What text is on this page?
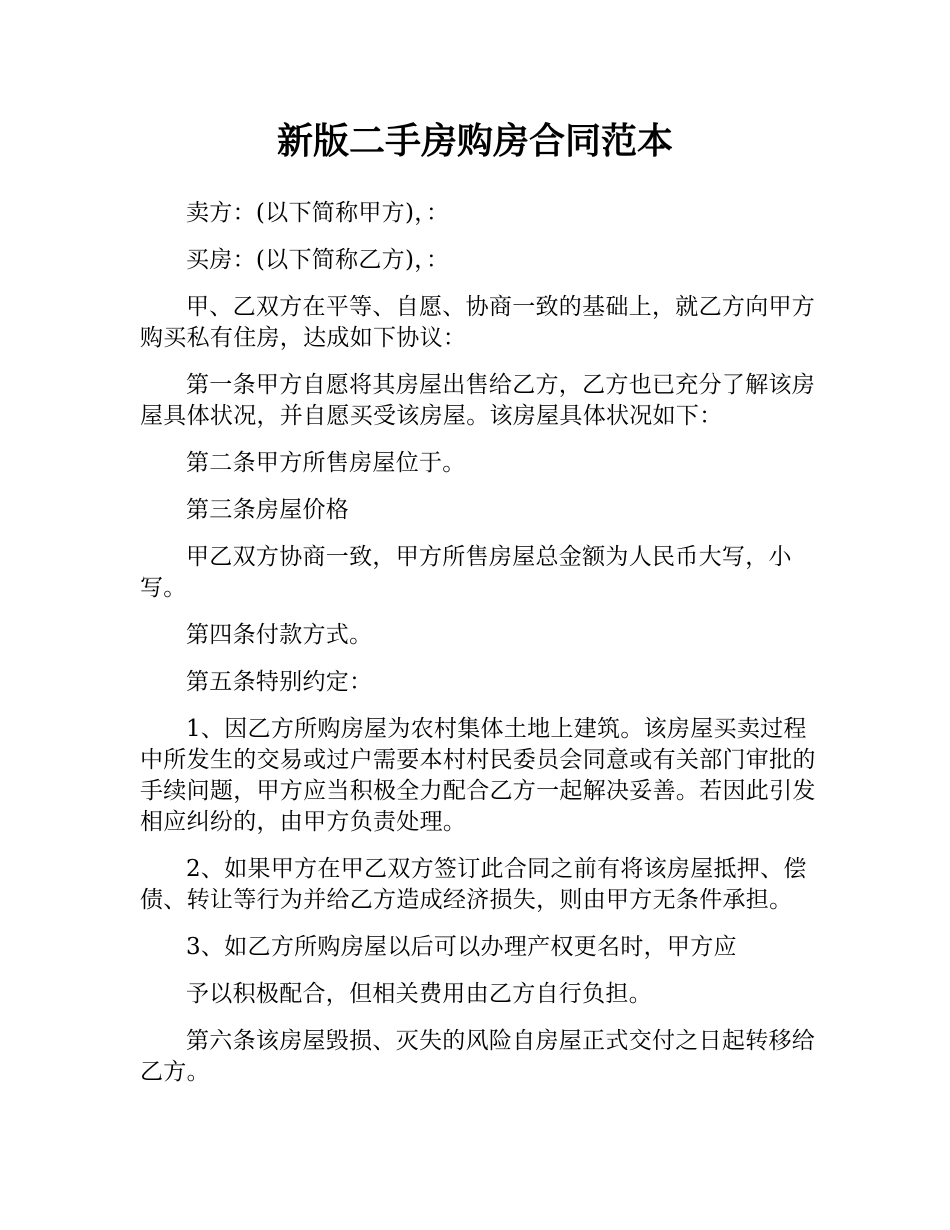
新版二手房购房合同范本

卖方：(以下简称甲方)，：

买房：(以下简称乙方)，：

甲、乙双方在平等、自愿、协商一致的基础上，就乙方向甲方购买私有住房，达成如下协议：

第一条甲方自愿将其房屋出售给乙方，乙方也已充分了解该房屋具体状况，并自愿买受该房屋。该房屋具体状况如下：

第二条甲方所售房屋位于。

第三条房屋价格

甲乙双方协商一致，甲方所售房屋总金额为人民币大写，小写。

第四条付款方式。

第五条特别约定：

1、因乙方所购房屋为农村集体土地上建筑。该房屋买卖过程中所发生的交易或过户需要本村村民委员会同意或有关部门审批的手续问题，甲方应当积极全力配合乙方一起解决妥善。若因此引发相应纠纷的，由甲方负责处理。

2、如果甲方在甲乙双方签订此合同之前有将该房屋抵押、偿债、转让等行为并给乙方造成经济损失，则由甲方无条件承担。

3、如乙方所购房屋以后可以办理产权更名时，甲方应

予以积极配合，但相关费用由乙方自行负担。

第六条该房屋毁损、灭失的风险自房屋正式交付之日起转移给乙方。
